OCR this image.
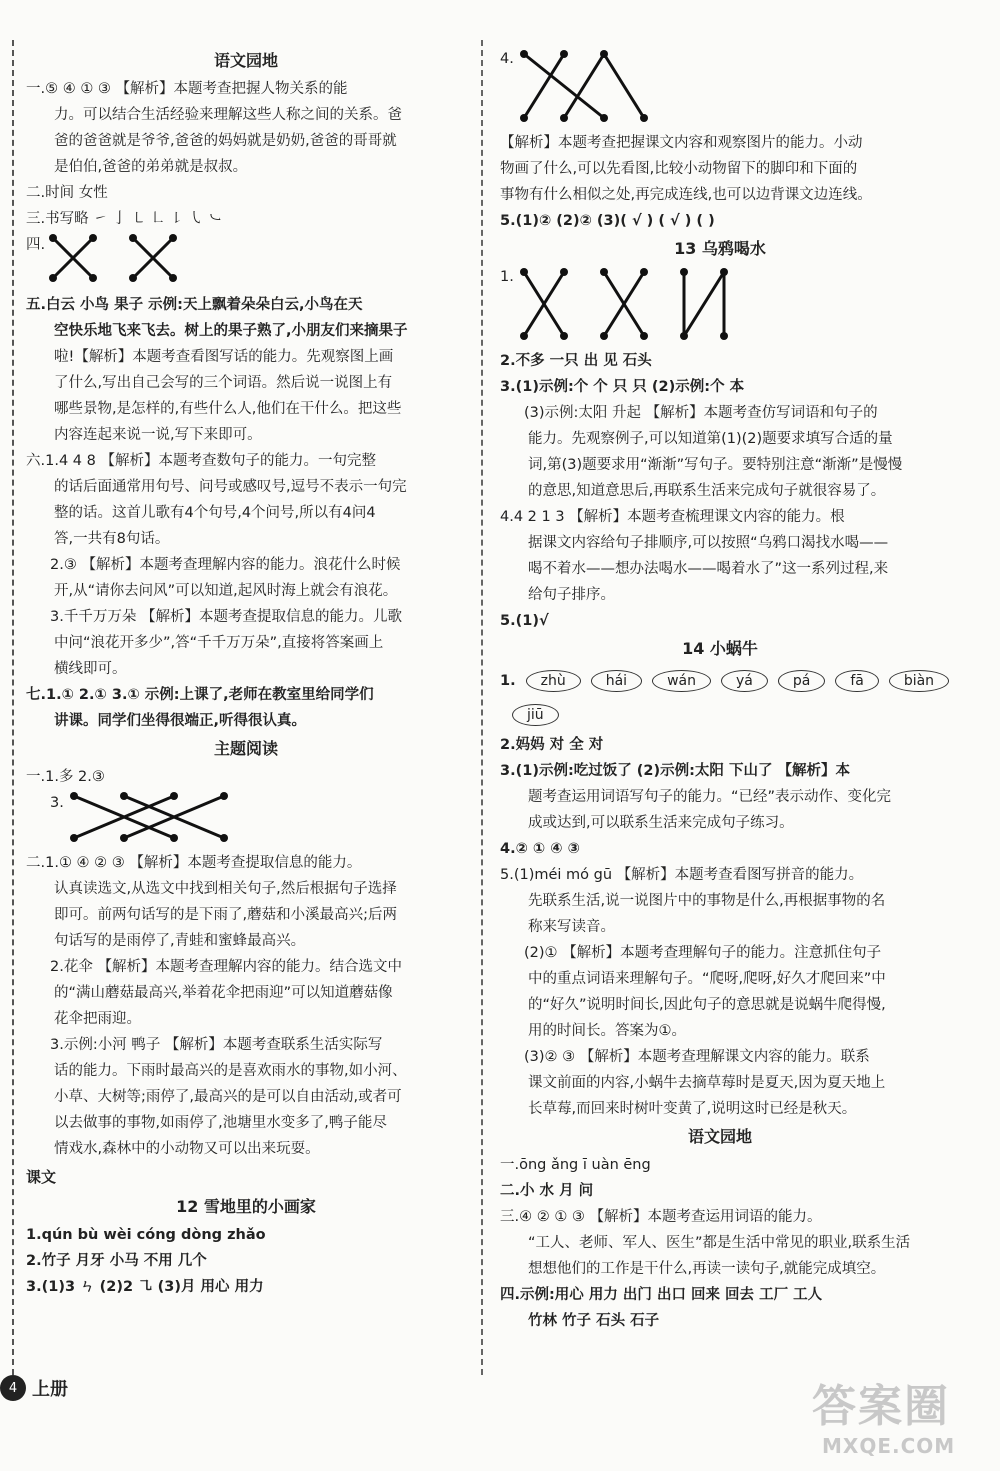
语文园地
一.⑤ ④ ① ③ 【解析】本题考查把握人物关系的能
力。可以结合生活经验来理解这些人称之间的关系。爸
爸的爸爸就是爷爷,爸爸的妈妈就是奶奶,爸爸的哥哥就
是伯伯,爸爸的弟弟就是叔叔。
二.时间 女性
三.书写略 ㇀ 亅 ㇄ ㇗ ㇙ ㇂ ㇃
四.
五.白云 小鸟 果子 示例:天上飘着朵朵白云,小鸟在天
空快乐地飞来飞去。树上的果子熟了,小朋友们来摘果子
啦!【解析】本题考查看图写话的能力。先观察图上画
了什么,写出自己会写的三个词语。然后说一说图上有
哪些景物,是怎样的,有些什么人,他们在干什么。把这些
内容连起来说一说,写下来即可。
六.1.4 4 8 【解析】本题考查数句子的能力。一句完整
的话后面通常用句号、问号或感叹号,逗号不表示一句完
整的话。这首儿歌有4个句号,4个问号,所以有4问4
答,一共有8句话。
2.③ 【解析】本题考查理解内容的能力。浪花什么时候
开,从“请你去问风”可以知道,起风时海上就会有浪花。
3.千千万万朵 【解析】本题考查提取信息的能力。儿歌
中问“浪花开多少”,答“千千万万朵”,直接将答案画上
横线即可。
七.1.① 2.① 3.① 示例:上课了,老师在教室里给同学们
讲课。同学们坐得很端正,听得很认真。
主题阅读
一.1.多 2.③
3.
二.1.① ④ ② ③ 【解析】本题考查提取信息的能力。
认真读选文,从选文中找到相关句子,然后根据句子选择
即可。前两句话写的是下雨了,蘑菇和小溪最高兴;后两
句话写的是雨停了,青蛙和蜜蜂最高兴。
2.花伞 【解析】本题考查理解内容的能力。结合选文中
的“满山蘑菇最高兴,举着花伞把雨迎”可以知道蘑菇像
花伞把雨迎。
3.示例:小河 鸭子 【解析】本题考查联系生活实际写
话的能力。下雨时最高兴的是喜欢雨水的事物,如小河、
小草、大树等;雨停了,最高兴的是可以自由活动,或者可
以去做事的事物,如雨停了,池塘里水变多了,鸭子能尽
情戏水,森林中的小动物又可以出来玩耍。
课文
12 雪地里的小画家
1.qún bù wèi cóng dòng zhǎo
2.竹子 月牙 小马 不用 几个
3.(1)3 ㄣ (2)2 ㇈ (3)月 用心 用力
4.
【解析】本题考查把握课文内容和观察图片的能力。小动
物画了什么,可以先看图,比较小动物留下的脚印和下面的
事物有什么相似之处,再完成连线,也可以边背课文边连线。
5.(1)② (2)② (3)( √ ) ( √ ) ( )
13 乌鸦喝水
1.
2.不多 一只 出 见 石头
3.(1)示例:个 个 只 只 (2)示例:个 本
(3)示例:太阳 升起 【解析】本题考查仿写词语和句子的
能力。先观察例子,可以知道第(1)(2)题要求填写合适的量
词,第(3)题要求用“渐渐”写句子。要特别注意“渐渐”是慢慢
的意思,知道意思后,再联系生活来完成句子就很容易了。
4.4 2 1 3 【解析】本题考查梳理课文内容的能力。根
据课文内容给句子排顺序,可以按照“乌鸦口渴找水喝——
喝不着水——想办法喝水——喝着水了”这一系列过程,来
给句子排序。
5.(1)√
14 小蜗牛
1.	zhù	hái	wán	yá	pá	fā	biàn
jiū
2.妈妈 对 全 对
3.(1)示例:吃过饭了 (2)示例:太阳 下山了 【解析】本
题考查运用词语写句子的能力。“已经”表示动作、变化完
成或达到,可以联系生活来完成句子练习。
4.② ① ④ ③
5.(1)méi mó gū 【解析】本题考查看图写拼音的能力。
先联系生活,说一说图片中的事物是什么,再根据事物的名
称来写读音。
(2)① 【解析】本题考查理解句子的能力。注意抓住句子
中的重点词语来理解句子。“爬呀,爬呀,好久才爬回来”中
的“好久”说明时间长,因此句子的意思就是说蜗牛爬得慢,
用的时间长。答案为①。
(3)② ③ 【解析】本题考查理解课文内容的能力。联系
课文前面的内容,小蜗牛去摘草莓时是夏天,因为夏天地上
长草莓,而回来时树叶变黄了,说明这时已经是秋天。
语文园地
一.ōng ǎng ī uàn ēng
二.小 水 月 问
三.④ ② ① ③ 【解析】本题考查运用词语的能力。
“工人、老师、军人、医生”都是生活中常见的职业,联系生活
想想他们的工作是干什么,再读一读句子,就能完成填空。
四.示例:用心 用力 出门 出口 回来 回去 工厂 工人
竹林 竹子 石头 石子
4 上册	答案圈
MXQE.COM
